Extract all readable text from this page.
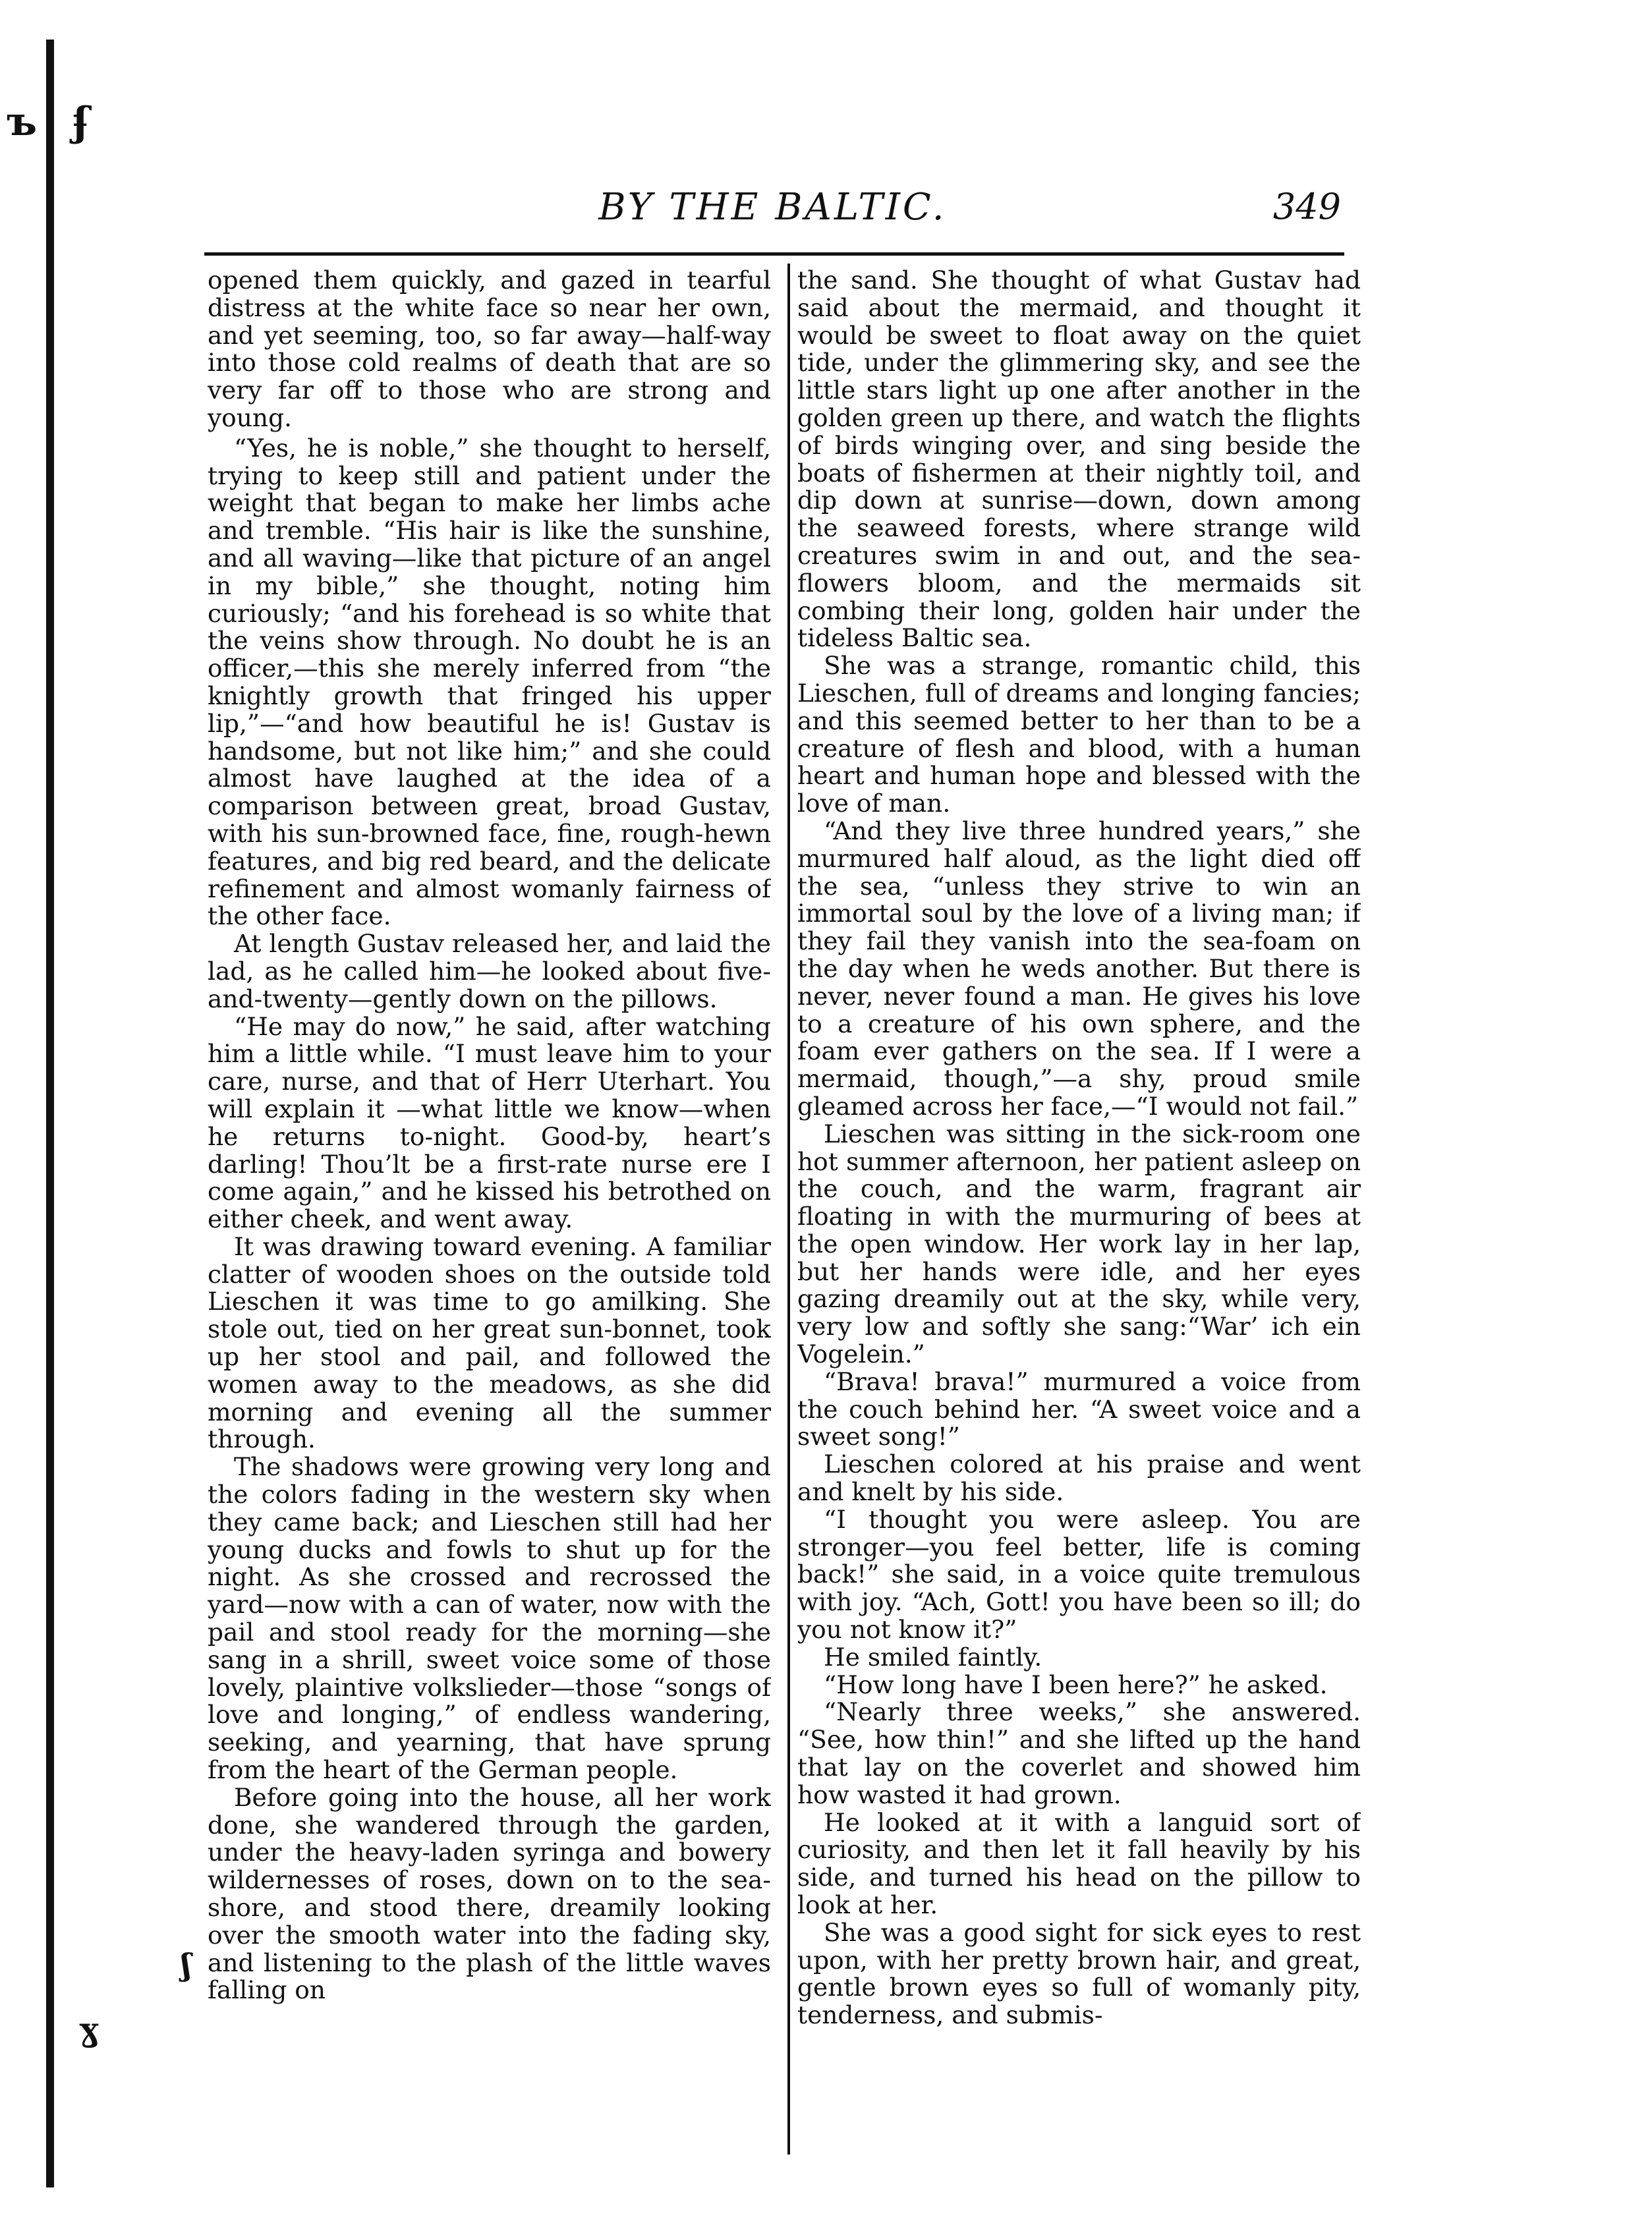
ъ ʄ
ʃ
ɣ
BY THE BALTIC.	349

opened them quickly, and gazed in tearful distress at the white face so near her own, and yet seeming, too, so far away—half-way into those cold realms of death that are so very far off to those who are strong and young.

“Yes, he is noble,” she thought to herself, trying to keep still and patient under the weight that began to make her limbs ache and tremble. “His hair is like the sunshine, and all waving—like that picture of an angel in my bible,” she thought, noting him curiously; “and his forehead is so white that the veins show through. No doubt he is an officer,—this she merely inferred from “the knightly growth that fringed his upper lip,”—“and how beautiful he is! Gustav is handsome, but not like him;” and she could almost have laughed at the idea of a comparison between great, broad Gustav, with his sun-browned face, fine, rough-hewn features, and big red beard, and the delicate refinement and almost womanly fairness of the other face.

At length Gustav released her, and laid the lad, as he called him—he looked about five-and-twenty—gently down on the pillows.

“He may do now,” he said, after watching him a little while. “I must leave him to your care, nurse, and that of Herr Uterhart. You will explain it —what little we know—when he returns to-night. Good-by, heart’s darling! Thou’lt be a first-rate nurse ere I come again,” and he kissed his betrothed on either cheek, and went away.

It was drawing toward evening. A familiar clatter of wooden shoes on the outside told Lieschen it was time to go amilking. She stole out, tied on her great sun-bonnet, took up her stool and pail, and followed the women away to the meadows, as she did morning and evening all the summer through.

The shadows were growing very long and the colors fading in the western sky when they came back; and Lieschen still had her young ducks and fowls to shut up for the night. As she crossed and recrossed the yard—now with a can of water, now with the pail and stool ready for the morning—she sang in a shrill, sweet voice some of those lovely, plaintive volkslieder—those “songs of love and longing,” of endless wandering, seeking, and yearning, that have sprung from the heart of the German people.

Before going into the house, all her work done, she wandered through the garden, under the heavy-laden syringa and bowery wildernesses of roses, down on to the sea-shore, and stood there, dreamily looking over the smooth water into the fading sky, and listening to the plash of the little waves falling on

the sand. She thought of what Gustav had said about the mermaid, and thought it would be sweet to float away on the quiet tide, under the glimmering sky, and see the little stars light up one after another in the golden green up there, and watch the flights of birds winging over, and sing beside the boats of fishermen at their nightly toil, and dip down at sunrise—down, down among the seaweed forests, where strange wild creatures swim in and out, and the sea-flowers bloom, and the mermaids sit combing their long, golden hair under the tideless Baltic sea.

She was a strange, romantic child, this Lieschen, full of dreams and longing fancies; and this seemed better to her than to be a creature of flesh and blood, with a human heart and human hope and blessed with the love of man.

“And they live three hundred years,” she murmured half aloud, as the light died off the sea, “unless they strive to win an immortal soul by the love of a living man; if they fail they vanish into the sea-foam on the day when he weds another. But there is never, never found a man. He gives his love to a creature of his own sphere, and the foam ever gathers on the sea. If I were a mermaid, though,”—a shy, proud smile gleamed across her face,—“I would not fail.”

Lieschen was sitting in the sick-room one hot summer afternoon, her patient asleep on the couch, and the warm, fragrant air floating in with the murmuring of bees at the open window. Her work lay in her lap, but her hands were idle, and her eyes gazing dreamily out at the sky, while very, very low and softly she sang:“War’ ich ein Vogelein.”

“Brava! brava!” murmured a voice from the couch behind her. “A sweet voice and a sweet song!”

Lieschen colored at his praise and went and knelt by his side.

“I thought you were asleep. You are stronger—you feel better, life is coming back!” she said, in a voice quite tremulous with joy. “Ach, Gott! you have been so ill; do you not know it?”

He smiled faintly.

“How long have I been here?” he asked.

“Nearly three weeks,” she answered. “See, how thin!” and she lifted up the hand that lay on the coverlet and showed him how wasted it had grown.

He looked at it with a languid sort of curiosity, and then let it fall heavily by his side, and turned his head on the pillow to look at her.

She was a good sight for sick eyes to rest upon, with her pretty brown hair, and great, gentle brown eyes so full of womanly pity, tenderness, and submis-
